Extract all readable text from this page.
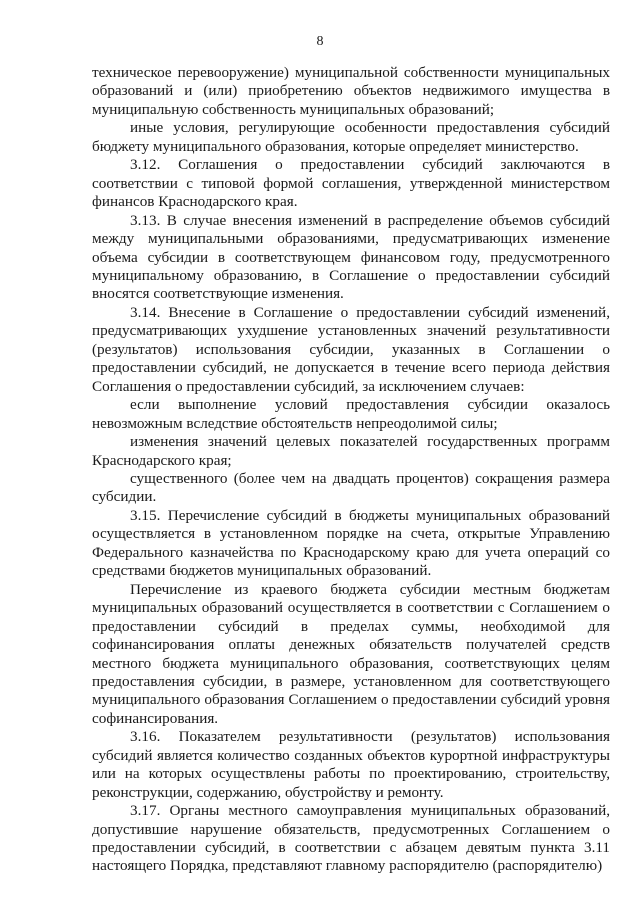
8

техническое перевооружение) муниципальной собственности муниципальных образований и (или) приобретению объектов недвижимого имущества в муниципальную собственность муниципальных образований;

иные условия, регулирующие особенности предоставления субсидий бюджету муниципального образования, которые определяет министерство.

3.12. Соглашения о предоставлении субсидий заключаются в соответствии с типовой формой соглашения, утвержденной министерством финансов Краснодарского края.

3.13. В случае внесения изменений в распределение объемов субсидий между муниципальными образованиями, предусматривающих изменение объема субсидии в соответствующем финансовом году, предусмотренного муниципальному образованию, в Соглашение о предоставлении субсидий вносятся соответствующие изменения.

3.14. Внесение в Соглашение о предоставлении субсидий изменений, предусматривающих ухудшение установленных значений результативности (результатов) использования субсидии, указанных в Соглашении о предоставлении субсидий, не допускается в течение всего периода действия Соглашения о предоставлении субсидий, за исключением случаев:

если выполнение условий предоставления субсидии оказалось невозможным вследствие обстоятельств непреодолимой силы;

изменения значений целевых показателей государственных программ Краснодарского края;

существенного (более чем на двадцать процентов) сокращения размера субсидии.

3.15. Перечисление субсидий в бюджеты муниципальных образований осуществляется в установленном порядке на счета, открытые Управлению Федерального казначейства по Краснодарскому краю для учета операций со средствами бюджетов муниципальных образований.

Перечисление из краевого бюджета субсидии местным бюджетам муниципальных образований осуществляется в соответствии с Соглашением о предоставлении субсидий в пределах суммы, необходимой для софинансирования оплаты денежных обязательств получателей средств местного бюджета муниципального образования, соответствующих целям предоставления субсидии, в размере, установленном для соответствующего муниципального образования Соглашением о предоставлении субсидий уровня софинансирования.

3.16. Показателем результативности (результатов) использования субсидий является количество созданных объектов курортной инфраструктуры или на которых осуществлены работы по проектированию, строительству, реконструкции, содержанию, обустройству и ремонту.

3.17. Органы местного самоуправления муниципальных образований, допустившие нарушение обязательств, предусмотренных Соглашением о предоставлении субсидий, в соответствии с абзацем девятым пункта 3.11 настоящего Порядка, представляют главному распорядителю (распорядителю)
